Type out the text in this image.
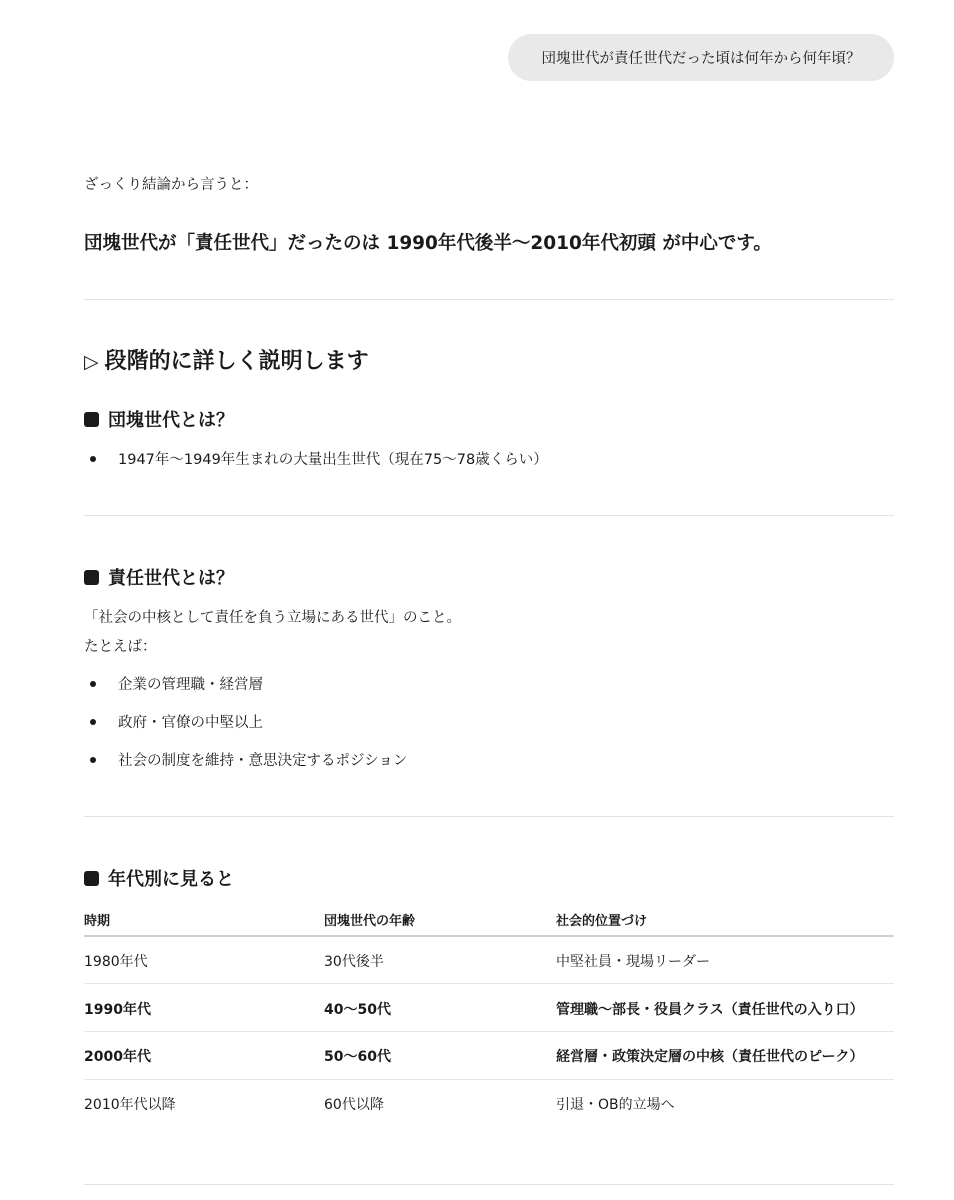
団塊世代が責任世代だった頃は何年から何年頃？
ざっくり結論から言うと：
団塊世代が「責任世代」だったのは 1990年代後半〜2010年代初頭 が中心です。
▷ 段階的に詳しく説明します
団塊世代とは？
1947年〜1949年生まれの大量出生世代（現在75〜78歳くらい）
責任世代とは？
「社会の中核として責任を負う立場にある世代」のこと。
たとえば：
企業の管理職・経営層
政府・官僚の中堅以上
社会の制度を維持・意思決定するポジション
年代別に見ると
時期	団塊世代の年齢	社会的位置づけ
1980年代	30代後半	中堅社員・現場リーダー
1990年代	40〜50代	管理職〜部長・役員クラス（責任世代の入り口）
2000年代	50〜60代	経営層・政策決定層の中核（責任世代のピーク）
2010年代以降	60代以降	引退・OB的立場へ
